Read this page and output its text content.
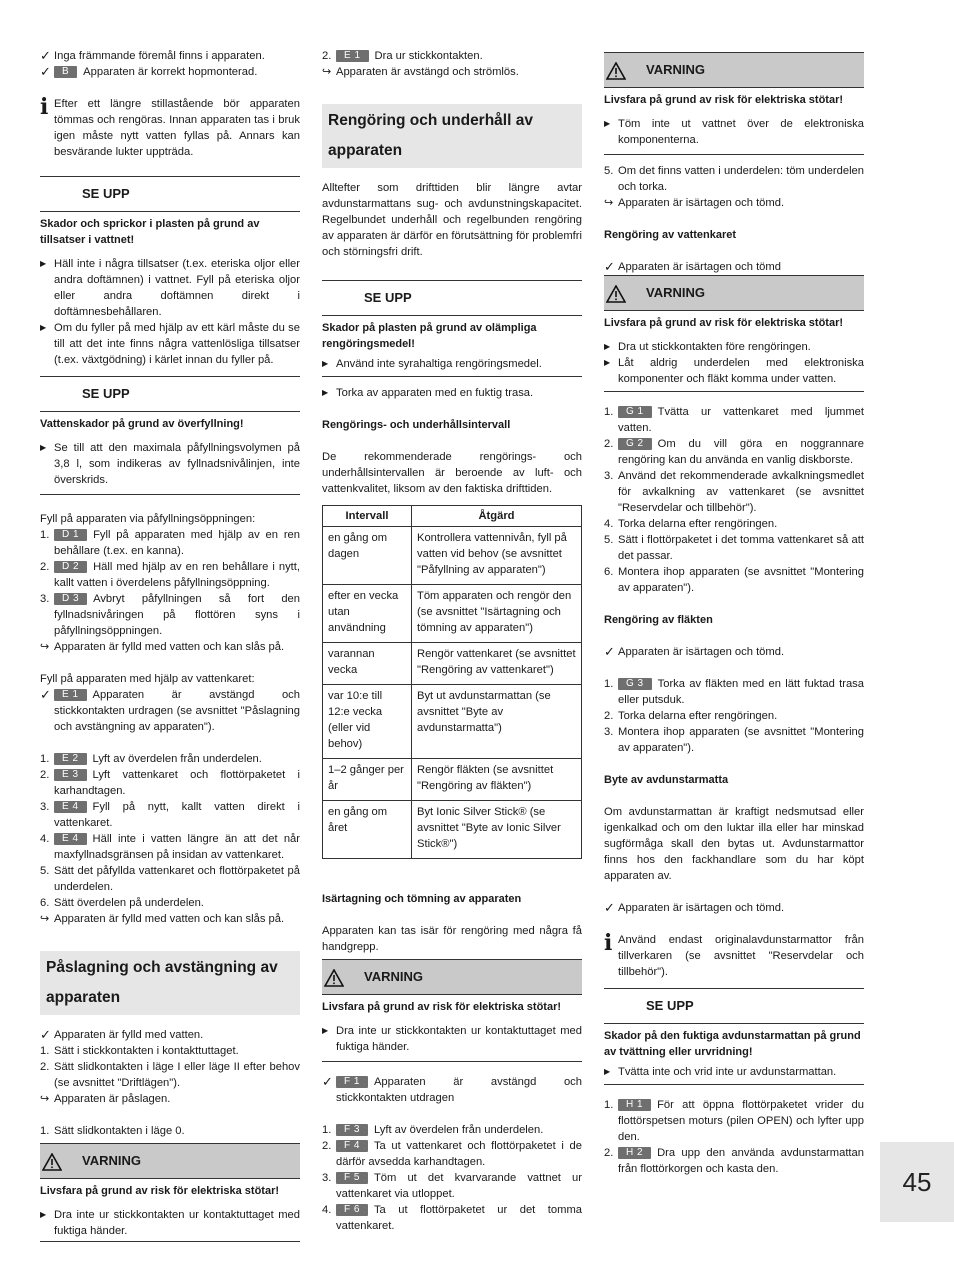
✓ Inga främmande föremål finns i apparaten.
✓	B Apparaten är korrekt hopmonterad.
i Efter ett längre stillastående bör apparaten tömmas och rengöras. Innan apparaten tas i bruk igen måste nytt vatten fyllas på. Annars kan besvärande lukter uppträda.
SE UPP
Skador och sprickor i plasten på grund av tillsatser i vattnet!
▶ Häll inte i några tillsatser (t.ex. eteriska oljor eller andra doftämnen) i vattnet. Fyll på eteriska oljor eller andra doftämnen direkt i doftämnesbehållaren.
▶ Om du fyller på med hjälp av ett kärl måste du se till att det inte finns några vattenlösliga tillsatser (t.ex. växtgödning) i kärlet innan du fyller på.
SE UPP
Vattenskador på grund av överfyllning!
▶ Se till att den maximala påfyllningsvolymen på 3,8 l, som indikeras av fyllnadsnivålinjen, inte överskrids.
Fyll på apparaten via påfyllningsöppningen:
1.	D 1 Fyll på apparaten med hjälp av en ren behållare (t.ex. en kanna).
2.	D 2 Häll med hjälp av en ren behållare i nytt, kallt vatten i överdelens påfyllningsöppning.
3.	D 3 Avbryt påfyllningen så fort den fyllnadsnivåringen på flottören syns i påfyllningsöppningen.
↪ Apparaten är fylld med vatten och kan slås på.
Fyll på apparaten med hjälp av vattenkaret:
✓	E 1 Apparaten är avstängd och stickkontakten urdragen (se avsnittet "Påslagning och avstängning av apparaten").
1.	E 2 Lyft av överdelen från underdelen.
2.	E 3 Lyft vattenkaret och flottörpaketet i karhandtagen.
3.	E 4 Fyll på nytt, kallt vatten direkt i vattenkaret.
4.	E 4 Häll inte i vatten längre än att det når maxfyllnadsgränsen på insidan av vattenkaret.
5. Sätt det påfyllda vattenkaret och flottörpaketet på underdelen.
6. Sätt överdelen på underdelen.
↪ Apparaten är fylld med vatten och kan slås på.
Påslagning och avstängning av apparaten
✓ Apparaten är fylld med vatten.
1. Sätt i stickkontakten i kontakttuttaget.
2. Sätt slidkontakten i läge I eller läge II efter behov (se avsnittet "Driftlägen").
↪ Apparaten är påslagen.
1. Sätt slidkontakten i läge 0.
VARNING
Livsfara på grund av risk för elektriska stötar!
▶ Dra inte ur stickkontakten ur kontaktuttaget med fuktiga händer.
2.	E 1 Dra ur stickkontakten.
↪ Apparaten är avstängd och strömlös.
Rengöring och underhåll av apparaten
Alltefter som drifttiden blir längre avtar avdunstarmattans sug- och avdunstningskapacitet. Regelbundet underhåll och regelbunden rengöring av apparaten är därför en förutsättning för problemfri och störningsfri drift.
SE UPP
Skador på plasten på grund av olämpliga rengöringsmedel!
▶ Använd inte syrahaltiga rengöringsmedel.
▶ Torka av apparaten med en fuktig trasa.
Rengörings- och underhållsintervall
De rekommenderade rengörings- och underhållsintervallen är beroende av luft- och vattenkvalitet, liksom av den faktiska drifttiden.
Intervall	Åtgärd
en gång om dagen	Kontrollera vattennivån, fyll på vatten vid behov (se avsnittet "Påfyllning av apparaten")
efter en vecka utan användning	Töm apparaten och rengör den (se avsnittet "Isärtagning och tömning av apparaten")
varannan vecka	Rengör vattenkaret (se avsnittet "Rengöring av vattenkaret")
var 10:e till 12:e vecka (eller vid behov)	Byt ut avdunstarmattan (se avsnittet "Byte av avdunstarmatta")
1–2 gånger per år	Rengör fläkten (se avsnittet "Rengöring av fläkten")
en gång om året	Byt Ionic Silver Stick® (se avsnittet "Byte av Ionic Silver Stick®")
Isärtagning och tömning av apparaten
Apparaten kan tas isär för rengöring med några få handgrepp.
VARNING
Livsfara på grund av risk för elektriska stötar!
▶ Dra inte ur stickkontakten ur kontaktuttaget med fuktiga händer.
✓	F 1 Apparaten är avstängd och stickkontakten utdragen
1.	F 3 Lyft av överdelen från underdelen.
2.	F 4 Ta ut vattenkaret och flottörpaketet i de därför avsedda karhandtagen.
3.	F 5 Töm ut det kvarvarande vattnet ur vattenkaret via utloppet.
4.	F 6 Ta ut flottörpaketet ur det tomma vattenkaret.
VARNING
Livsfara på grund av risk för elektriska stötar!
▶ Töm inte ut vattnet över de elektroniska komponenterna.
5. Om det finns vatten i underdelen: töm underdelen och torka.
↪ Apparaten är isärtagen och tömd.
Rengöring av vattenkaret
✓ Apparaten är isärtagen och tömd
VARNING
Livsfara på grund av risk för elektriska stötar!
▶ Dra ut stickkontakten före rengöringen.
▶ Låt aldrig underdelen med elektroniska komponenter och fläkt komma under vatten.
1.	G 1 Tvätta ur vattenkaret med ljummet vatten.
2.	G 2 Om du vill göra en noggrannare rengöring kan du använda en vanlig diskborste.
3. Använd det rekommenderade avkalkningsmedlet för avkalkning av vattenkaret (se avsnittet "Reservdelar och tillbehör").
4. Torka delarna efter rengöringen.
5. Sätt i flottörpaketet i det tomma vattenkaret så att det passar.
6. Montera ihop apparaten (se avsnittet "Montering av apparaten").
Rengöring av fläkten
✓ Apparaten är isärtagen och tömd.
1.	G 3 Torka av fläkten med en lätt fuktad trasa eller putsduk.
2. Torka delarna efter rengöringen.
3. Montera ihop apparaten (se avsnittet "Montering av apparaten").
Byte av avdunstarmatta
Om avdunstarmattan är kraftigt nedsmutsad eller igenkalkad och om den luktar illa eller har minskad sugförmåga skall den bytas ut. Avdunstarmattor finns hos den fackhandlare som du har köpt apparaten av.
✓ Apparaten är isärtagen och tömd.
i Använd endast originalavdunstarmattor från tillverkaren (se avsnittet "Reservdelar och tillbehör").
SE UPP
Skador på den fuktiga avdunstarmattan på grund av tvättning eller urvridning!
▶ Tvätta inte och vrid inte ur avdunstarmattan.
1.	H 1 För att öppna flottörpaketet vrider du flottörspetsen moturs (pilen OPEN) och lyfter upp den.
2.	H 2 Dra upp den använda avdunstarmattan från flottörkorgen och kasta den.	45
